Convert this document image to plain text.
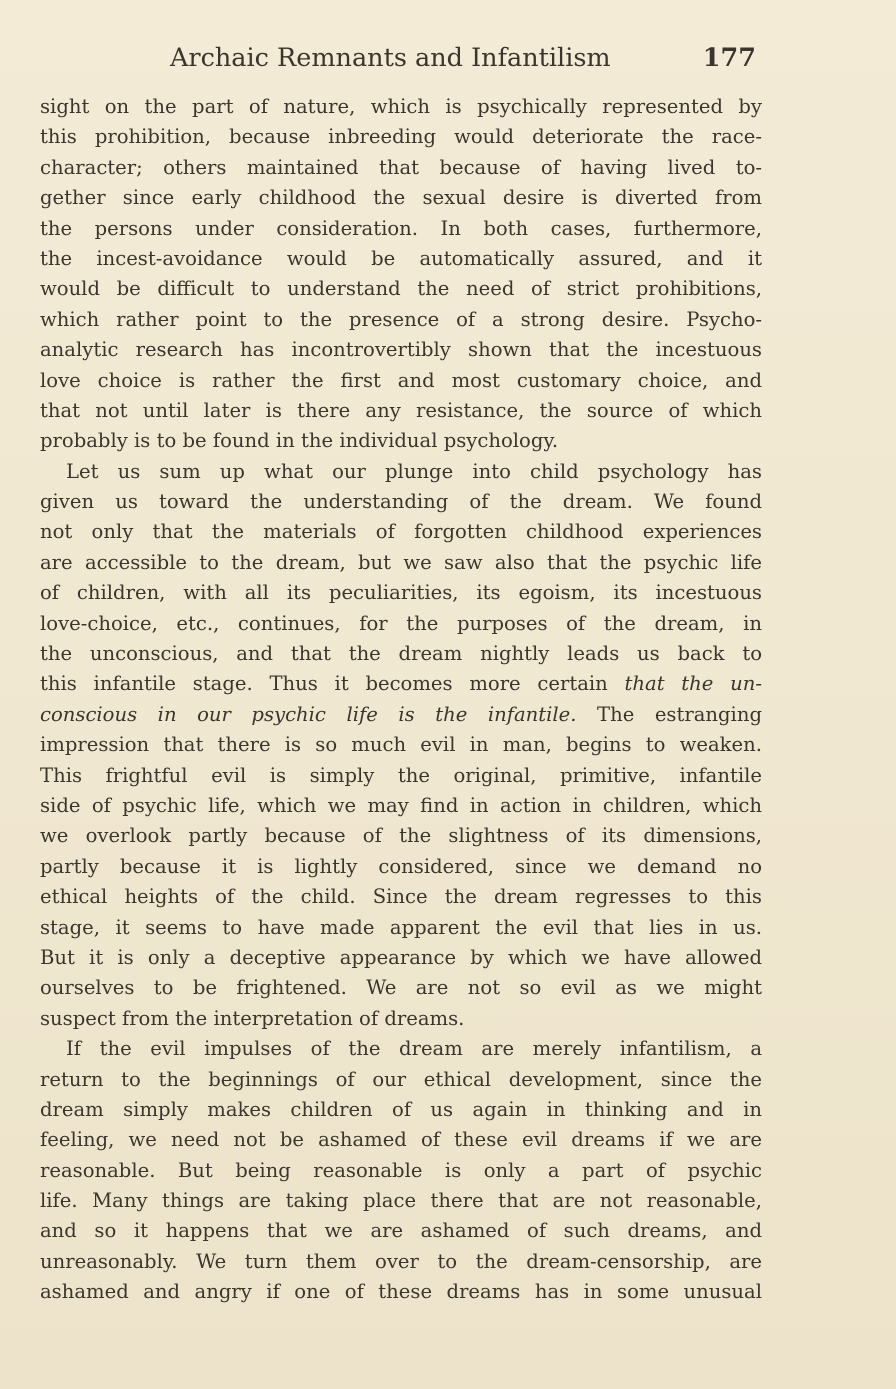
Archaic Remnants and Infantilism	177
sight on the part of nature, which is psychically represented by
this prohibition, because inbreeding would deteriorate the race-
character; others maintained that because of having lived to-
gether since early childhood the sexual desire is diverted from
the persons under consideration. In both cases, furthermore,
the incest-avoidance would be automatically assured, and it
would be difficult to understand the need of strict prohibitions,
which rather point to the presence of a strong desire. Psycho-
analytic research has incontrovertibly shown that the incestuous
love choice is rather the first and most customary choice, and
that not until later is there any resistance, the source of which
probably is to be found in the individual psychology.
Let us sum up what our plunge into child psychology has
given us toward the understanding of the dream. We found
not only that the materials of forgotten childhood experiences
are accessible to the dream, but we saw also that the psychic life
of children, with all its peculiarities, its egoism, its incestuous
love-choice, etc., continues, for the purposes of the dream, in
the unconscious, and that the dream nightly leads us back to
this infantile stage. Thus it becomes more certain that the un-
conscious in our psychic life is the infantile. The estranging
impression that there is so much evil in man, begins to weaken.
This frightful evil is simply the original, primitive, infantile
side of psychic life, which we may find in action in children, which
we overlook partly because of the slightness of its dimensions,
partly because it is lightly considered, since we demand no
ethical heights of the child. Since the dream regresses to this
stage, it seems to have made apparent the evil that lies in us.
But it is only a deceptive appearance by which we have allowed
ourselves to be frightened. We are not so evil as we might
suspect from the interpretation of dreams.
If the evil impulses of the dream are merely infantilism, a
return to the beginnings of our ethical development, since the
dream simply makes children of us again in thinking and in
feeling, we need not be ashamed of these evil dreams if we are
reasonable. But being reasonable is only a part of psychic
life. Many things are taking place there that are not reasonable,
and so it happens that we are ashamed of such dreams, and
unreasonably. We turn them over to the dream-censorship, are
ashamed and angry if one of these dreams has in some unusual
